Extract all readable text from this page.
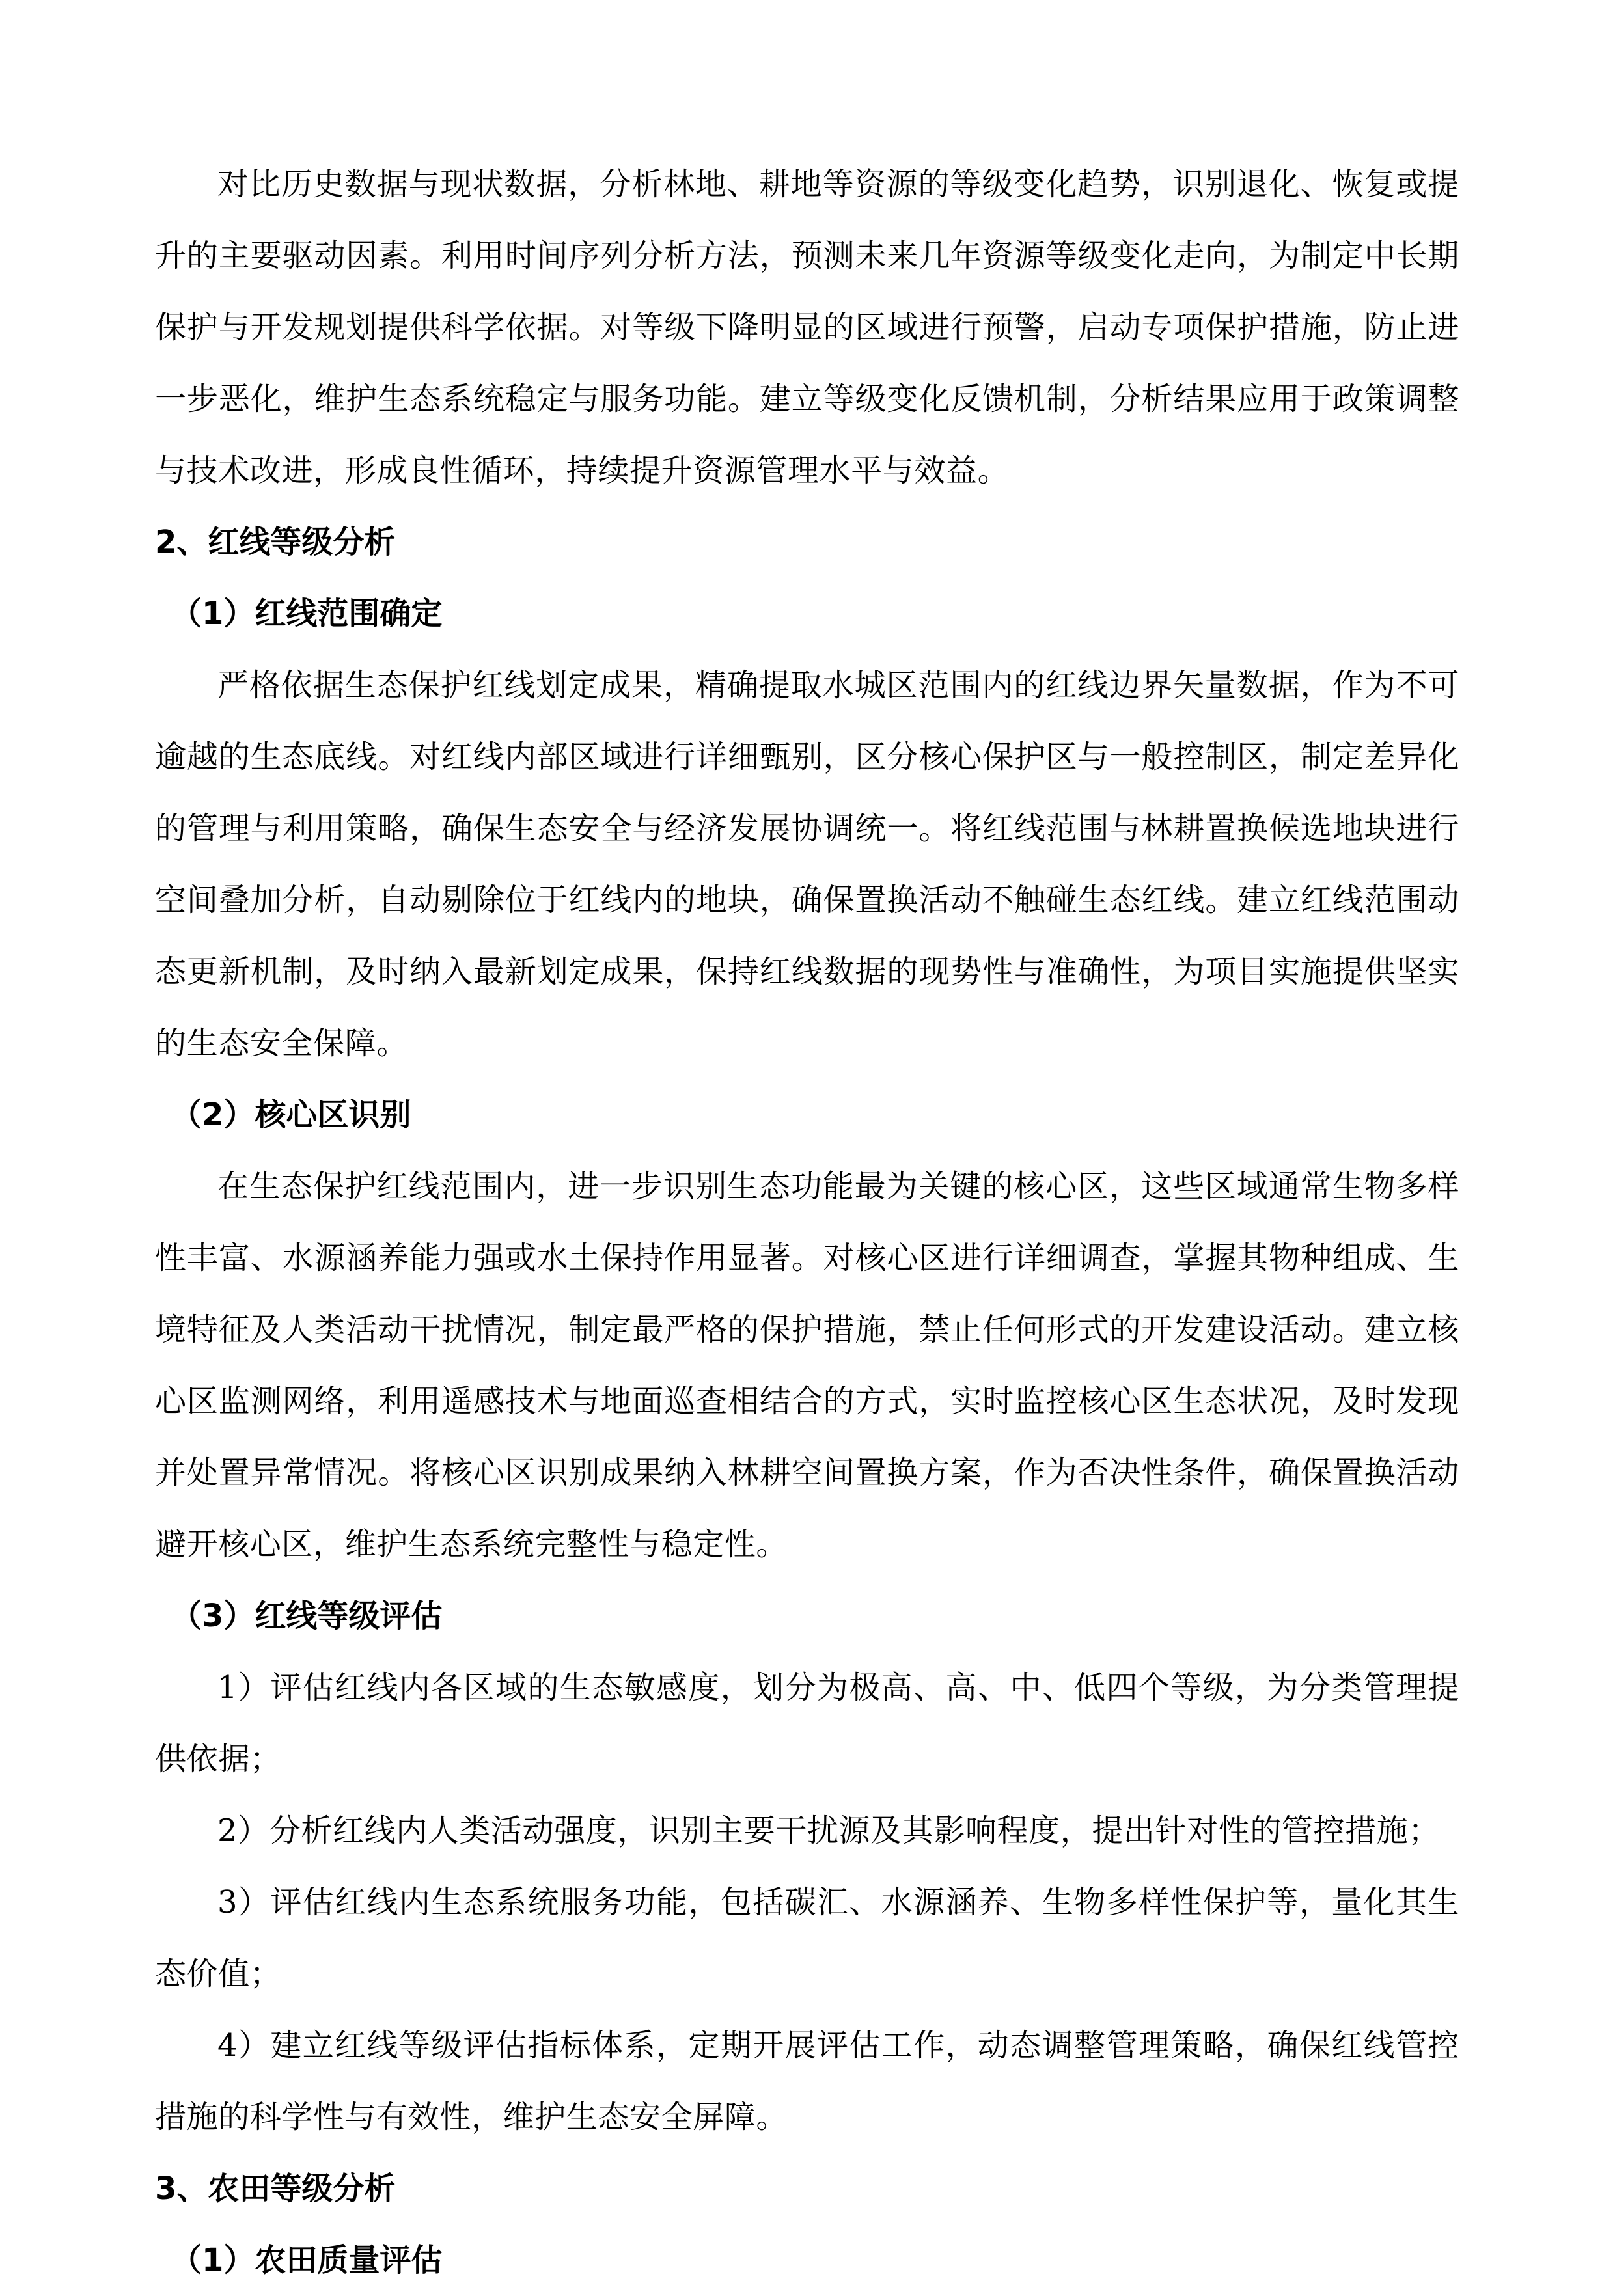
对比历史数据与现状数据，分析林地、耕地等资源的等级变化趋势，识别退化、恢复或提升的主要驱动因素。利用时间序列分析方法，预测未来几年资源等级变化走向，为制定中长期保护与开发规划提供科学依据。对等级下降明显的区域进行预警，启动专项保护措施，防止进一步恶化，维护生态系统稳定与服务功能。建立等级变化反馈机制，分析结果应用于政策调整与技术改进，形成良性循环，持续提升资源管理水平与效益。

2、红线等级分析

（1）红线范围确定

严格依据生态保护红线划定成果，精确提取水城区范围内的红线边界矢量数据，作为不可逾越的生态底线。对红线内部区域进行详细甄别，区分核心保护区与一般控制区，制定差异化的管理与利用策略，确保生态安全与经济发展协调统一。将红线范围与林耕置换候选地块进行空间叠加分析，自动剔除位于红线内的地块，确保置换活动不触碰生态红线。建立红线范围动态更新机制，及时纳入最新划定成果，保持红线数据的现势性与准确性，为项目实施提供坚实的生态安全保障。

（2）核心区识别

在生态保护红线范围内，进一步识别生态功能最为关键的核心区，这些区域通常生物多样性丰富、水源涵养能力强或水土保持作用显著。对核心区进行详细调查，掌握其物种组成、生境特征及人类活动干扰情况，制定最严格的保护措施，禁止任何形式的开发建设活动。建立核心区监测网络，利用遥感技术与地面巡查相结合的方式，实时监控核心区生态状况，及时发现并处置异常情况。将核心区识别成果纳入林耕空间置换方案，作为否决性条件，确保置换活动避开核心区，维护生态系统完整性与稳定性。

（3）红线等级评估

1）评估红线内各区域的生态敏感度，划分为极高、高、中、低四个等级，为分类管理提供依据；

2）分析红线内人类活动强度，识别主要干扰源及其影响程度，提出针对性的管控措施；

3）评估红线内生态系统服务功能，包括碳汇、水源涵养、生物多样性保护等，量化其生态价值；

4）建立红线等级评估指标体系，定期开展评估工作，动态调整管理策略，确保红线管控措施的科学性与有效性，维护生态安全屏障。

3、农田等级分析

（1）农田质量评估
